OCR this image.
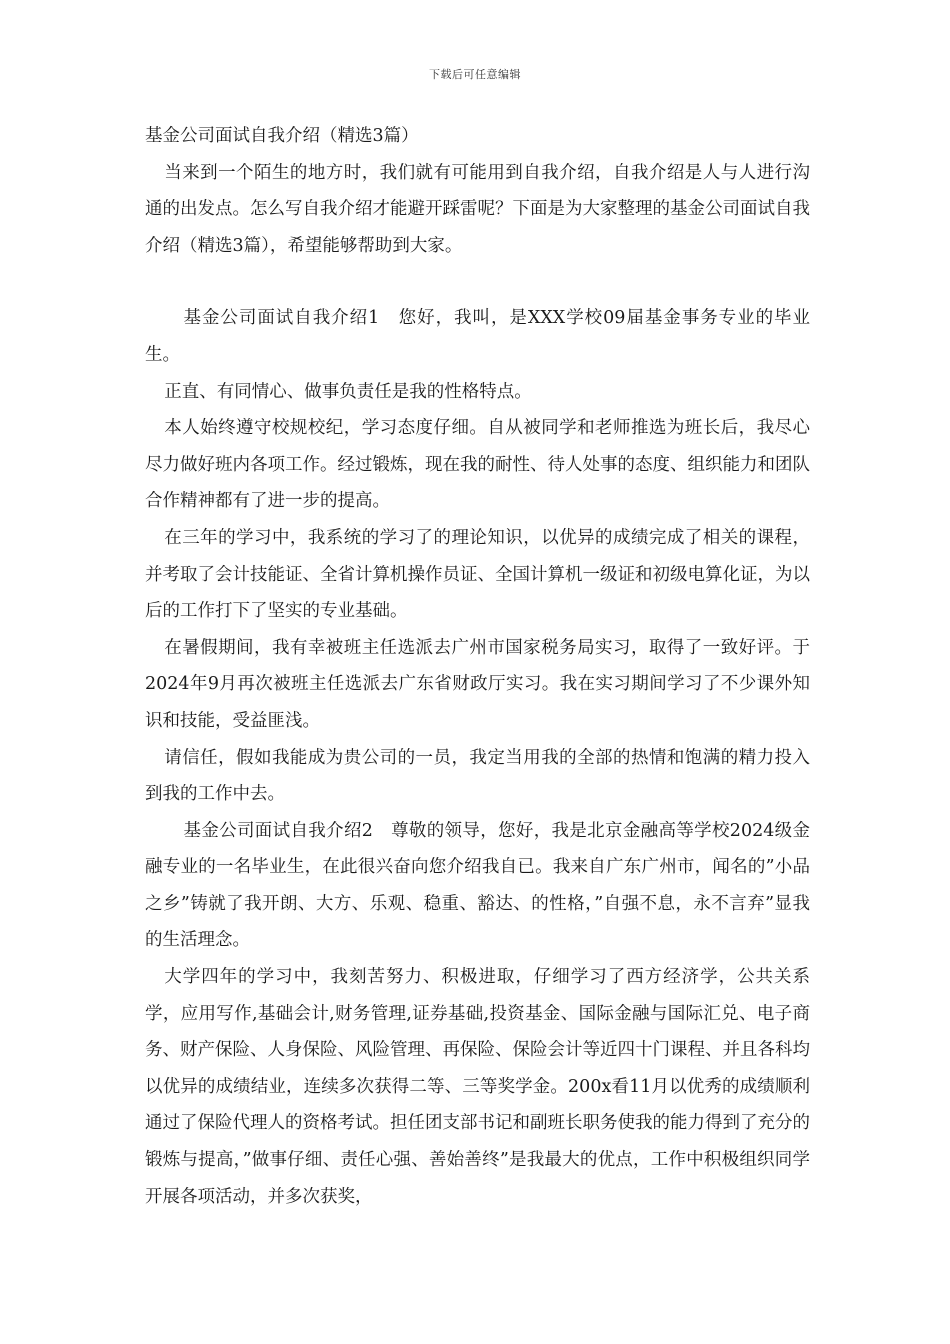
下载后可任意编辑
基金公司面试自我介绍（精选3篇）

当来到一个陌生的地方时，我们就有可能用到自我介绍，自我介绍是人与人进行沟通的出发点。怎么写自我介绍才能避开踩雷呢？下面是为大家整理的基金公司面试自我介绍（精选3篇），希望能够帮助到大家。

基金公司面试自我介绍1　您好，我叫，是XXX学校09届基金事务专业的毕业生。

正直、有同情心、做事负责任是我的性格特点。

本人始终遵守校规校纪，学习态度仔细。自从被同学和老师推选为班长后，我尽心尽力做好班内各项工作。经过锻炼，现在我的耐性、待人处事的态度、组织能力和团队合作精神都有了进一步的提高。

在三年的学习中，我系统的学习了的理论知识，以优异的成绩完成了相关的课程，并考取了会计技能证、全省计算机操作员证、全国计算机一级证和初级电算化证，为以后的工作打下了坚实的专业基础。

在暑假期间，我有幸被班主任选派去广州市国家税务局实习，取得了一致好评。于2024年9月再次被班主任选派去广东省财政厅实习。我在实习期间学习了不少课外知识和技能，受益匪浅。

请信任，假如我能成为贵公司的一员，我定当用我的全部的热情和饱满的精力投入到我的工作中去。

基金公司面试自我介绍2　尊敬的领导，您好，我是北京金融高等学校2024级金融专业的一名毕业生，在此很兴奋向您介绍我自已。我来自广东广州市，闻名的”小品之乡”铸就了我开朗、大方、乐观、稳重、豁达、的性格，”自强不息，永不言弃”显我的生活理念。

大学四年的学习中，我刻苦努力、积极进取，仔细学习了西方经济学，公共关系学，应用写作,基础会计,财务管理,证券基础,投资基金、国际金融与国际汇兑、电子商务、财产保险、人身保险、风险管理、再保险、保险会计等近四十门课程、并且各科均以优异的成绩结业，连续多次获得二等、三等奖学金。200x看11月以优秀的成绩顺利通过了保险代理人的资格考试。担任团支部书记和副班长职务使我的能力得到了充分的锻炼与提高，”做事仔细、责任心强、善始善终”是我最大的优点，工作中积极组织同学开展各项活动，并多次获奖，
